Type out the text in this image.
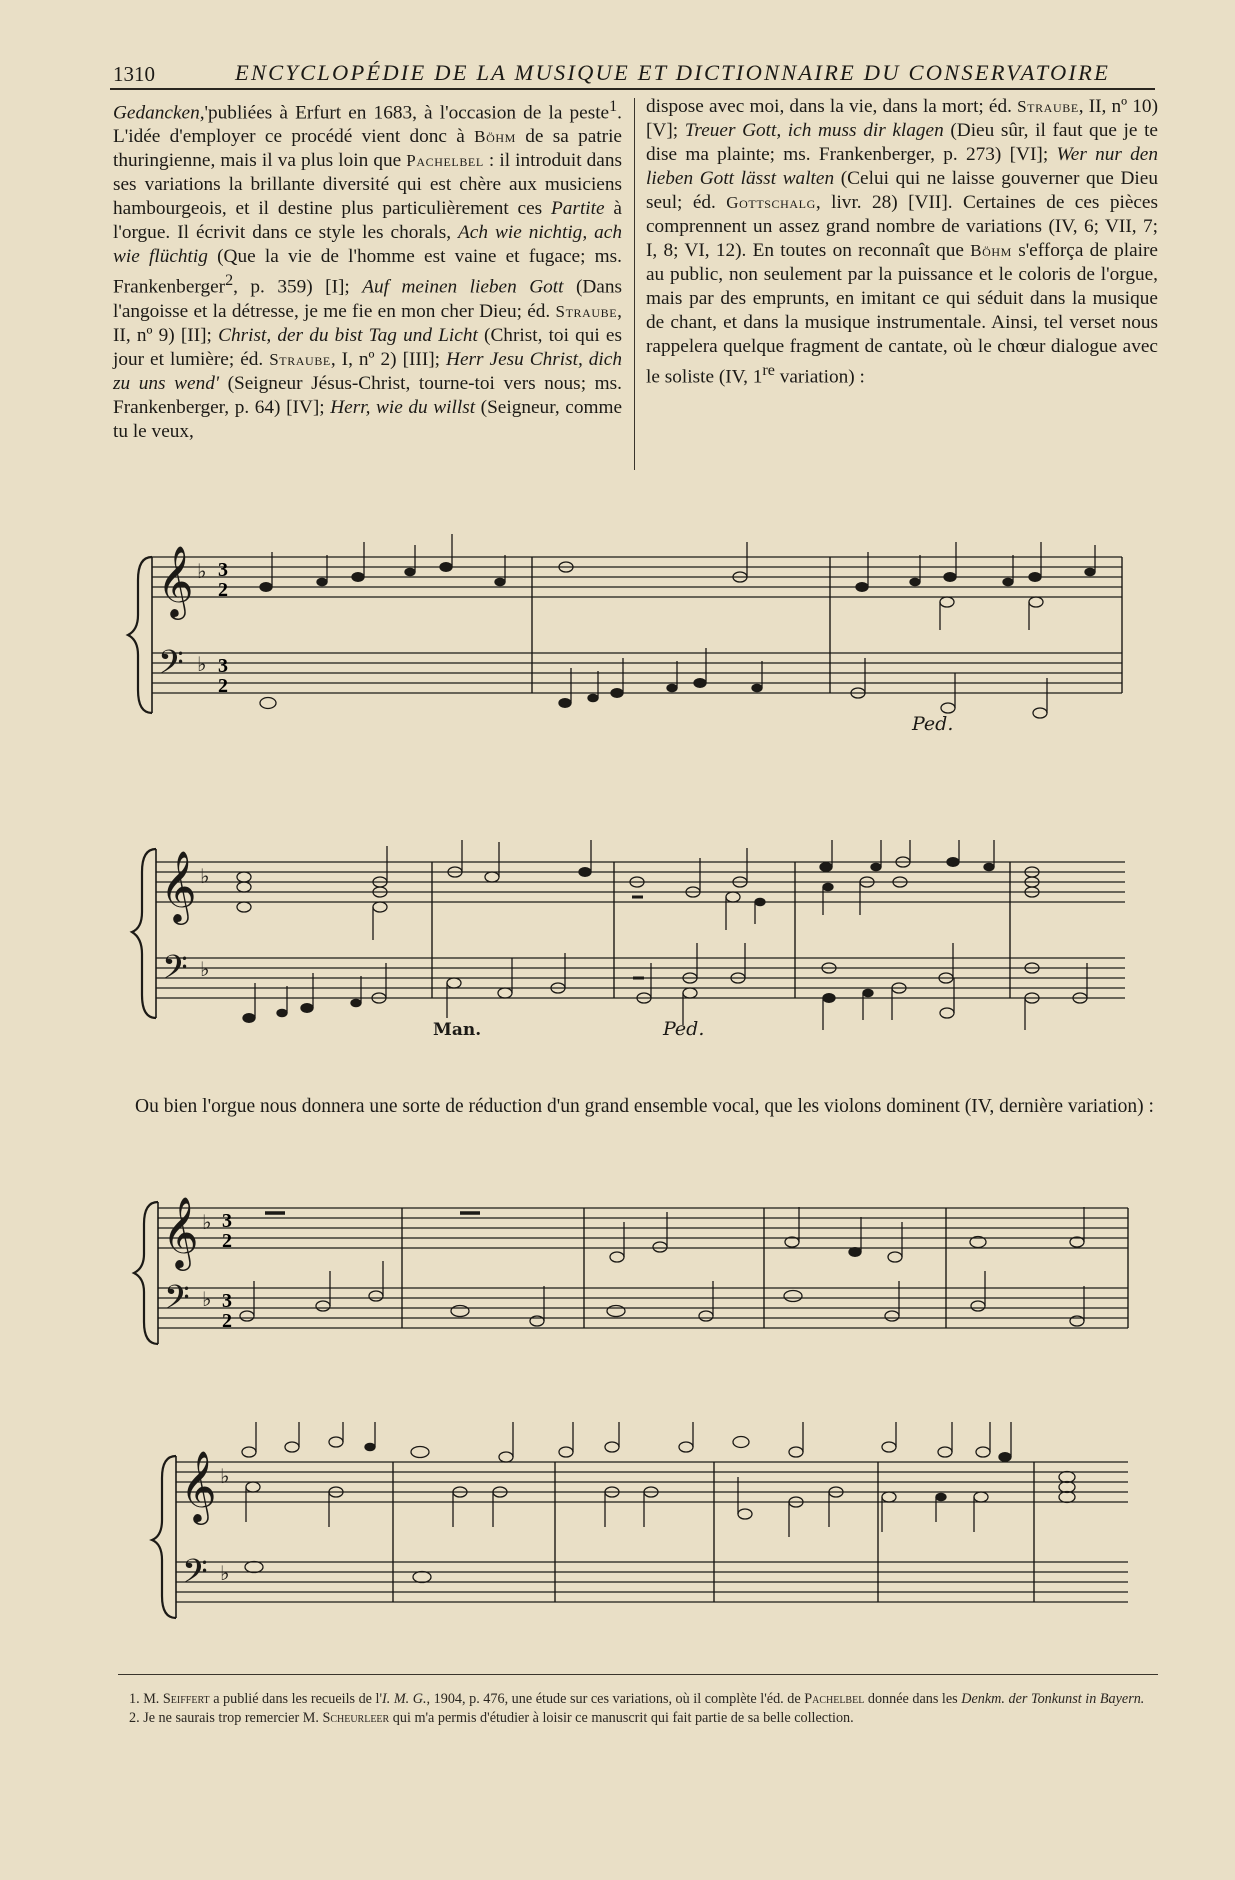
1310	ENCYCLOPÉDIE DE LA MUSIQUE ET DICTIONNAIRE DU CONSERVATOIRE

Gedancken,'publiées à Erfurt en 1683, à l'occasion de la peste$^1$. L'idée d'employer ce procédé vient donc à Böhm de sa patrie thuringienne, mais il va plus loin que Pachelbel : il introduit dans ses variations la brillante diversité qui est chère aux musiciens hambourgeois, et il destine plus particulièrement ces Partite à l'orgue. Il écrivit dans ce style les chorals, Ach wie nichtig, ach wie flüchtig (Que la vie de l'homme est vaine et fugace; ms. Frankenberger$^2$, p. 359) [I]; Auf meinen lieben Gott (Dans l'angoisse et la détresse, je me fie en mon cher Dieu; éd. Straube, II, nº 9) [II]; Christ, der du bist Tag und Licht (Christ, toi qui es jour et lumière; éd. Straube, I, nº 2) [III]; Herr Jesu Christ, dich zu uns wend' (Seigneur Jésus-Christ, tourne-toi vers nous; ms. Frankenberger, p. 64) [IV]; Herr, wie du willst (Seigneur, comme tu le veux,

dispose avec moi, dans la vie, dans la mort; éd. Straube, II, nº 10) [V]; Treuer Gott, ich muss dir klagen (Dieu sûr, il faut que je te dise ma plainte; ms. Frankenberger, p. 273) [VI]; Wer nur den lieben Gott lässt walten (Celui qui ne laisse gouverner que Dieu seul; éd. Gottschalg, livr. 28) [VII]. Certaines de ces pièces comprennent un assez grand nombre de variations (IV, 6; VII, 7; I, 8; VI, 12). En toutes on reconnaît que Böhm s'efforça de plaire au public, non seulement par la puissance et le coloris de l'orgue, mais par des emprunts, en imitant ce qui séduit dans la musique de chant, et dans la musique instrumentale. Ainsi, tel verset nous rappelera quelque fragment de cantate, où le chœur dialogue avec le soliste (IV, 1re variation) :

𝄞
𝄢
♭
♭
3
2
3
2
Ped.
𝄞
𝄢
♭
♭
Man.	Ped.

Ou bien l'orgue nous donnera une sorte de réduction d'un grand ensemble vocal, que les violons dominent (IV, dernière variation) :

𝄞
𝄢
♭
♭
3
2
3
2
𝄞
𝄢
♭
♭

1. M. Seiffert a publié dans les recueils de l'I. M. G., 1904, p. 476, une étude sur ces variations, où il complète l'éd. de Pachelbel donnée dans les Denkm. der Tonkunst in Bayern.

2. Je ne saurais trop remercier M. Scheurleer qui m'a permis d'étudier à loisir ce manuscrit qui fait partie de sa belle collection.
